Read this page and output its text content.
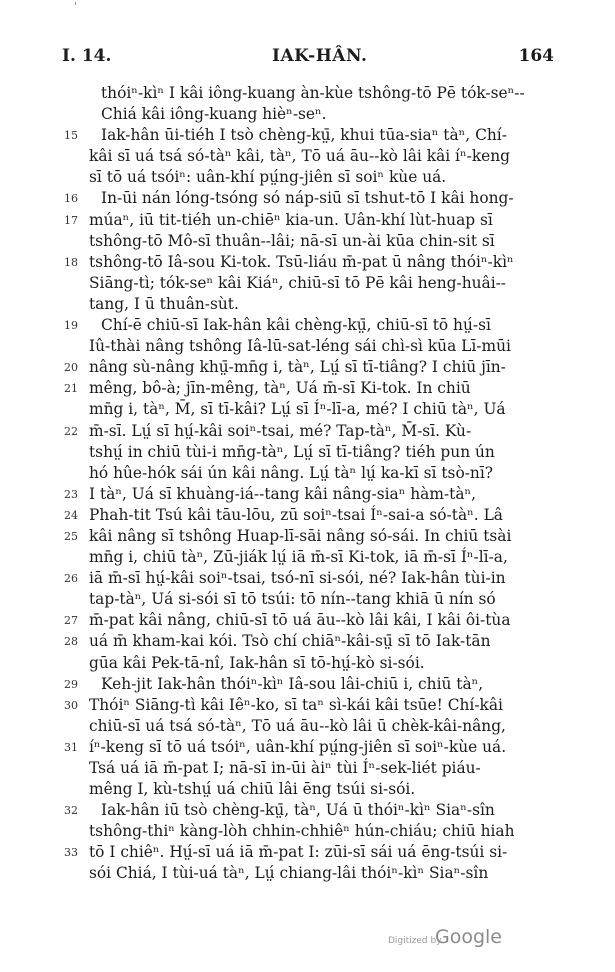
'
I. 14.	IAK-HÂN.	164
thóiⁿ-kìⁿ I kâi iông-kuang àn-kùe tshông-tō Pē tók-seⁿ--
Chiá kâi iông-kuang hièⁿ-seⁿ.
15	Iak-hân ūi-tiéh I tsò chèng-kṳ̄, khui tūa-siaⁿ tàⁿ, Chí-
kâi sī uá tsá só-tàⁿ kâi, tàⁿ, Tō uá āu--kò lâi kâi íⁿ-keng
sī tō uá tsóiⁿ: uân-khí pṳ́ng-jiên sī soiⁿ kùe uá.
16	In-ūi nán lóng-tsóng só náp-siū sī tshut-tō I kâi hong-
17 múaⁿ, iū tit-tiéh un-chiēⁿ kia-un. Uân-khí lùt-huap sī
tshông-tō Mô-sī thuân--lâi; nā-sī un-ài kūa chin-sit sī
18 tshông-tō Iâ-sou Ki-tok. Tsū-liáu m̄-pat ū nâng thóiⁿ-kìⁿ
Siāng-tì; tók-seⁿ kâi Kiáⁿ, chiū-sī tō Pē kâi heng-huâi--
tang, I ū thuân-sùt.
19	Chí-ē chiū-sī Iak-hân kâi chèng-kṳ̄, chiū-sī tō hṳ́-sī
Iû-thài nâng tshông Iâ-lū-sat-léng sái chì-sì kūa Lī-mūi
20 nâng sù-nâng khṳ̄-mn̄g i, tàⁿ, Lṳ́ sī tī-tiâng? I chiū jīn-
21 mêng, bô-à; jīn-mêng, tàⁿ, Uá m̄-sī Ki-tok. In chiū
mn̄g i, tàⁿ, M̄, sī tī-kâi? Lṳ́ sī Íⁿ-lī-a, mé? I chiū tàⁿ, Uá
22 m̄-sī. Lṳ́ sī hṳ́-kâi soiⁿ-tsai, mé? Tap-tàⁿ, M̄-sī. Kù-
tshṳ́ in chiū tùi-i mn̄g-tàⁿ, Lṳ́ sī tī-tiâng? tiéh pun ún
hó hûe-hók sái ún kâi nâng. Lṳ́ tàⁿ lṳ́ ka-kī sī tsò-nī?
23 I tàⁿ, Uá sī khuàng-iá--tang kâi nâng-siaⁿ hàm-tàⁿ,
24 Phah-tit Tsú kâi tāu-lōu, zū soiⁿ-tsai Íⁿ-sai-a só-tàⁿ. Lâ
25 kâi nâng sī tshông Huap-lī-sāi nâng só-sái. In chiū tsài
mn̄g i, chiū tàⁿ, Zū-jiák lṳ́ iā m̄-sī Ki-tok, iā m̄-sī Íⁿ-lī-a,
26 iā m̄-sī hṳ́-kâi soiⁿ-tsai, tsó-nī si-sói, né? Iak-hân tùi-in
tap-tàⁿ, Uá si-sói sī tō tsúi: tō nín--tang khiā ū nín só
27 m̄-pat kâi nâng, chiū-sī tō uá āu--kò lâi kâi, I kâi ôi-tùa
28 uá m̄ kham-kai kói. Tsò chí chiāⁿ-kâi-sṳ̄ sī tō Iak-tān
gūa kâi Pek-tā-nî, Iak-hân sī tō-hṳ́-kò si-sói.
29	Keh-jit Iak-hân thóiⁿ-kìⁿ Iâ-sou lâi-chiū i, chiū tàⁿ,
30 Thóiⁿ Siāng-tì kâi Iêⁿ-ko, sī taⁿ sì-kái kâi tsūe! Chí-kâi
chiū-sī uá tsá só-tàⁿ, Tō uá āu--kò lâi ū chèk-kâi-nâng,
31 íⁿ-keng sī tō uá tsóiⁿ, uân-khí pṳ́ng-jiên sī soiⁿ-kùe uá.
Tsá uá iā m̄-pat I; nā-sī in-ūi àiⁿ tùi Íⁿ-sek-liét piáu-
mêng I, kù-tshṳ́ uá chiū lâi ēng tsúi si-sói.
32	Iak-hân iū tsò chèng-kṳ̄, tàⁿ, Uá ū thóiⁿ-kìⁿ Siaⁿ-sîn
tshông-thiⁿ kàng-lòh chhin-chhiêⁿ hún-chiáu; chiū hiah
33 tō I chiêⁿ. Hṳ́-sī uá iā m̄-pat I: zūi-sī sái uá ēng-tsúi si-
sói Chiá, I tùi-uá tàⁿ, Lṳ́ chiang-lâi thóiⁿ-kìⁿ Siaⁿ-sîn
Digitized by
Google
